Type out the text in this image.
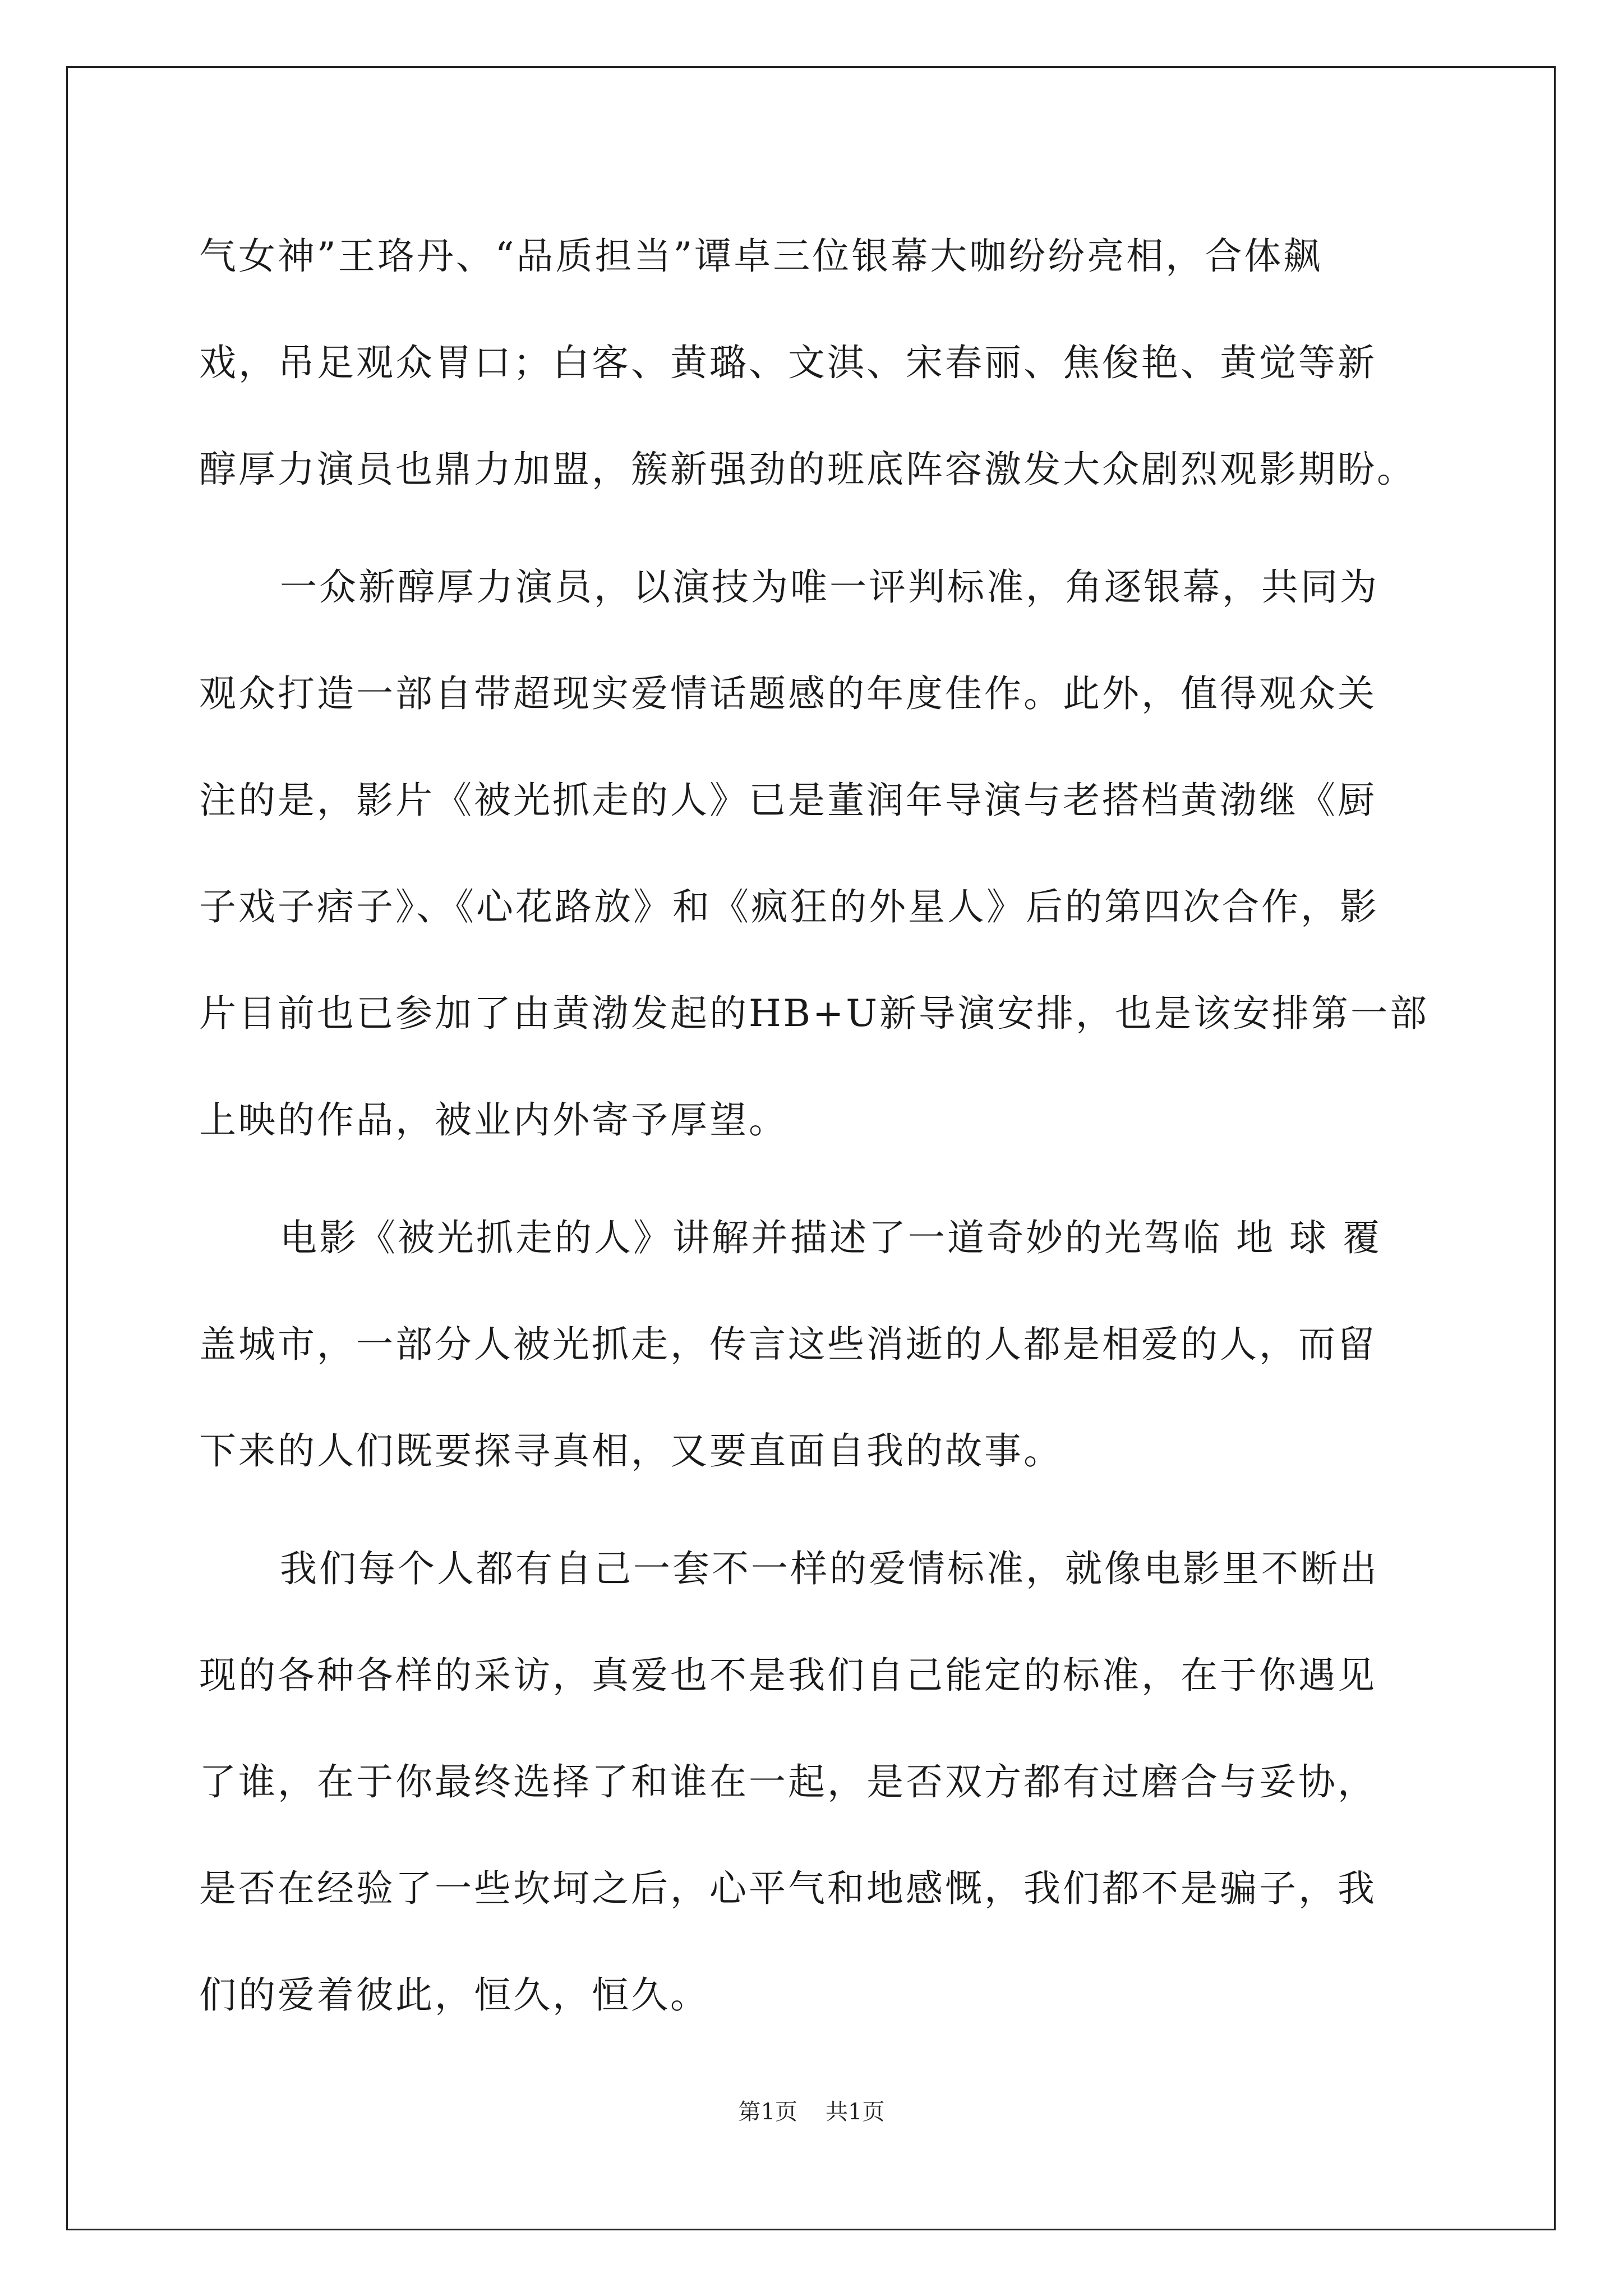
气女神”王珞丹、“品质担当”谭卓三位银幕大咖纷纷亮相，合体飙
戏，吊足观众胃口；白客、黄璐、文淇、宋春丽、焦俊艳、黄觉等新
醇厚力演员也鼎力加盟，簇新强劲的班底阵容激发大众剧烈观影期盼。
一众新醇厚力演员，以演技为唯一评判标准，角逐银幕，共同为
观众打造一部自带超现实爱情话题感的年度佳作。此外，值得观众关
注的是，影片《被光抓走的人》已是董润年导演与老搭档黄渤继《厨
子戏子痞子》、《心花路放》和《疯狂的外星人》后的第四次合作，影
片目前也已参加了由黄渤发起的HB+U新导演安排，也是该安排第一部
上映的作品，被业内外寄予厚望。
电影《被光抓走的人》讲解并描述了一道奇妙的光驾临 地 球 覆
盖城市，一部分人被光抓走，传言这些消逝的人都是相爱的人，而留
下来的人们既要探寻真相，又要直面自我的故事。
我们每个人都有自己一套不一样的爱情标准，就像电影里不断出
现的各种各样的采访，真爱也不是我们自己能定的标准，在于你遇见
了谁，在于你最终选择了和谁在一起，是否双方都有过磨合与妥协，
是否在经验了一些坎坷之后，心平气和地感慨，我们都不是骗子，我
们的爱着彼此，恒久，恒久。
第1页 共1页
